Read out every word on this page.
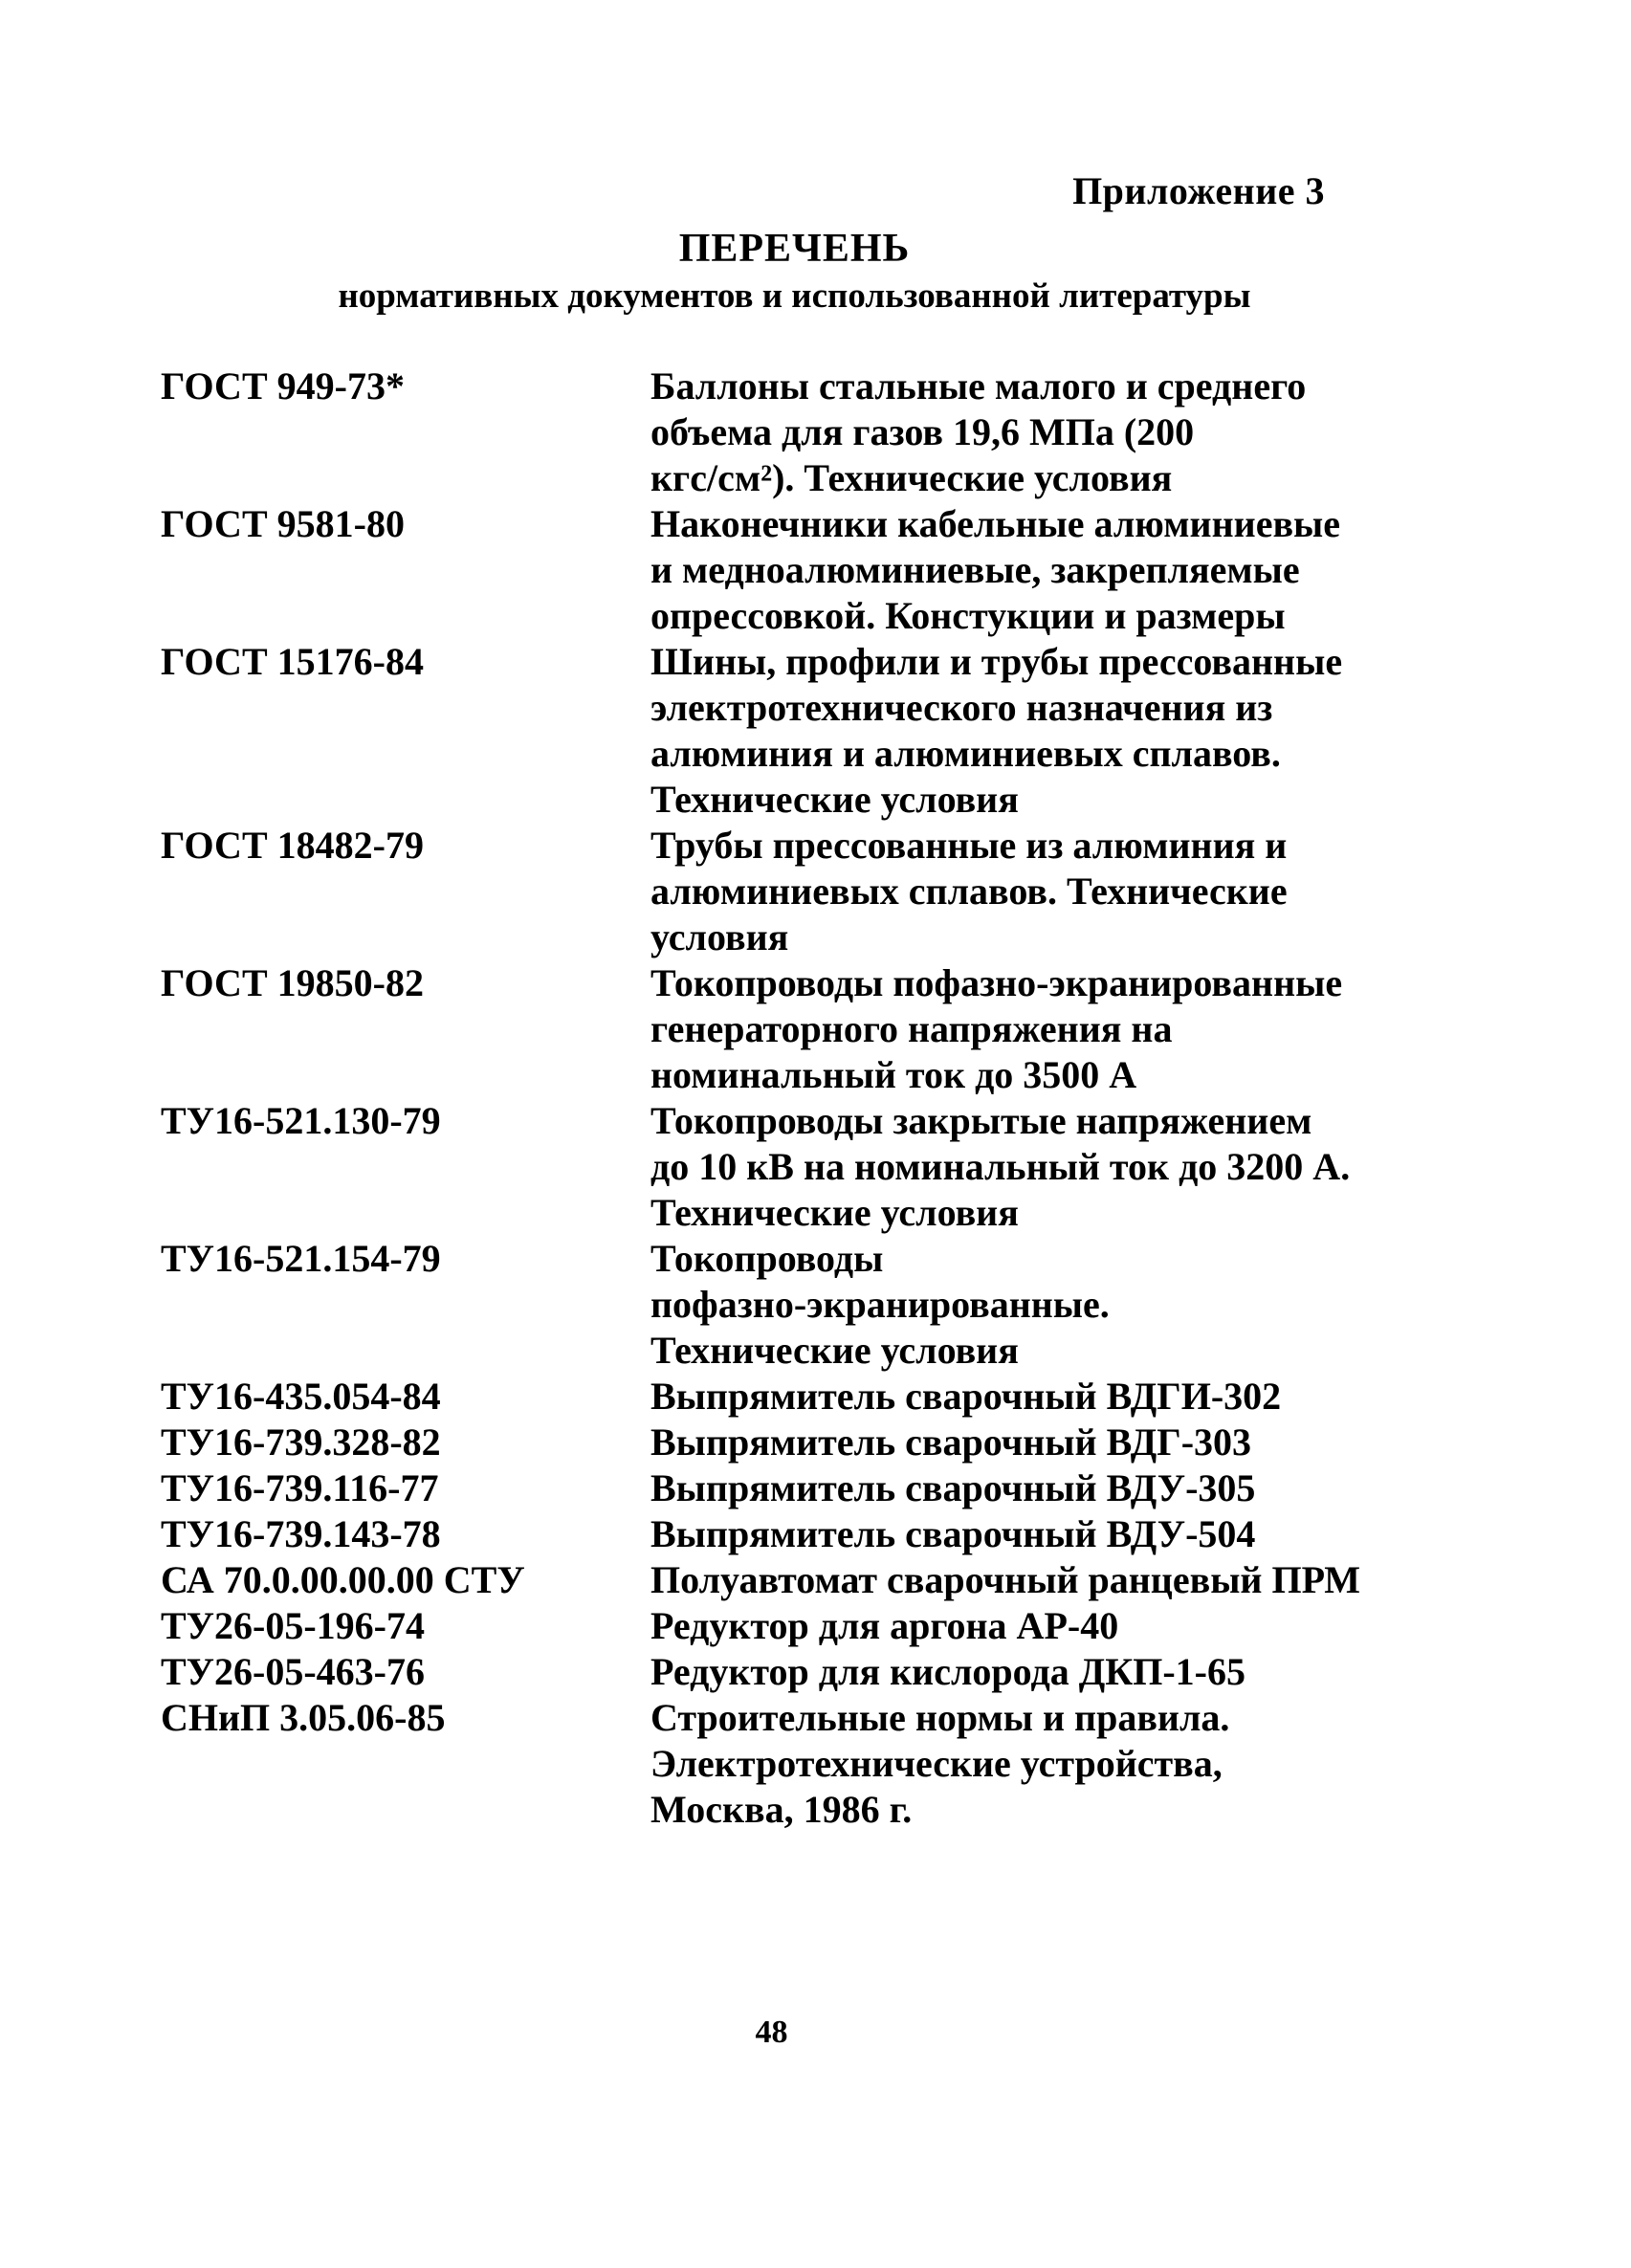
Приложение 3
ПЕРЕЧЕНЬ
нормативных документов и использованной литературы
ГОСТ 949-73*	Баллоны стальные малого и среднего
объема для газов 19,6 МПа (200
кгс/см²). Технические условия
ГОСТ 9581-80	Наконечники кабельные алюминиевые
и медноалюминиевые, закрепляемые
опрессовкой. Констукции и размеры
ГОСТ 15176-84	Шины, профили и трубы прессованные
электротехнического назначения из
алюминия и алюминиевых сплавов.
Технические условия
ГОСТ 18482-79	Трубы прессованные из алюминия и
алюминиевых сплавов. Технические
условия
ГОСТ 19850-82	Токопроводы пофазно-экранированные
генераторного напряжения на
номинальный ток до 3500 А
ТУ16-521.130-79	Токопроводы закрытые напряжением
до 10 кВ на номинальный ток до 3200 А.
Технические условия
ТУ16-521.154-79	Токопроводы
пофазно-экранированные.
Технические условия
ТУ16-435.054-84	Выпрямитель сварочный ВДГИ-302
ТУ16-739.328-82	Выпрямитель сварочный ВДГ-303
ТУ16-739.116-77	Выпрямитель сварочный ВДУ-305
ТУ16-739.143-78	Выпрямитель сварочный ВДУ-504
СА 70.0.00.00.00 СТУ	Полуавтомат сварочный ранцевый ПРМ
ТУ26-05-196-74	Редуктор для аргона АР-40
ТУ26-05-463-76	Редуктор для кислорода ДКП-1-65
СНиП 3.05.06-85	Строительные нормы и правила.
Электротехнические устройства,
Москва, 1986 г.
48
